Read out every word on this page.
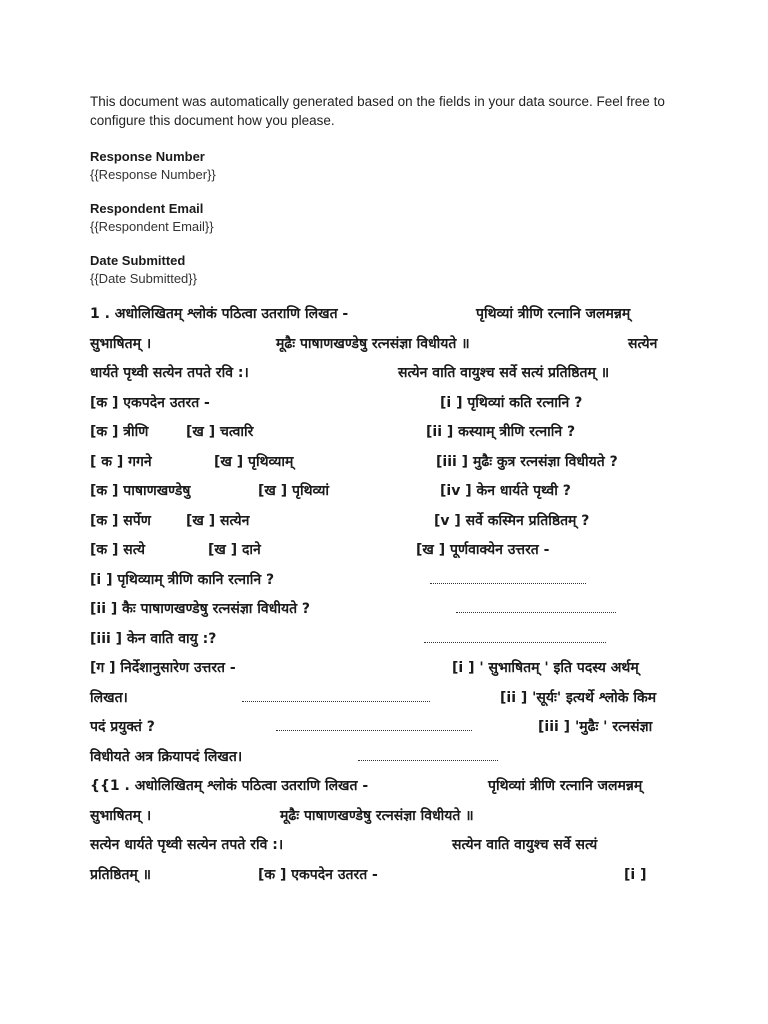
This document was automatically generated based on the fields in your data source. Feel free to configure this document how you please.

Response Number
{{Response Number}}
Respondent Email
{{Respondent Email}}
Date Submitted
{{Date Submitted}}
1 . अधोलिखितम् श्लोकं पठित्वा उतराणि लिखत -	पृथिव्यां त्रीणि रत्नानि जलमन्नम्
सुभाषितम् ।	मूढैः पाषाणखण्डेषु रत्नसंज्ञा विधीयते ॥	सत्येन
धार्यते पृथ्वी सत्येन तपते रवि :।	सत्येन वाति वायुश्च सर्वे सत्यं प्रतिष्ठितम् ॥
[क ] एकपदेन उतरत -	[i ] पृथिव्यां कति रत्नानि ?
[क ] त्रीणि	[ख ] चत्वारि	[ii ] कस्याम् त्रीणि रत्नानि ?
[ क ] गगने	[ख ] पृथिव्याम्	[iii ] मुढैः कुत्र रत्नसंज्ञा विधीयते ?
[क ] पाषाणखण्डेषु	[ख ] पृथिव्यां	[iv ] केन धार्यते पृथ्वी ?
[क ] सर्पेण	[ख ] सत्येन	[v ] सर्वे कस्मिन प्रतिष्ठितम् ?
[क ] सत्ये	[ख ] दाने	[ख ] पूर्णवाक्येन उत्तरत -
[i ] पृथिव्याम् त्रीणि कानि रत्नानि ?
[ii ] कैः पाषाणखण्डेषु रत्नसंज्ञा विधीयते ?
[iii ] केन वाति वायु :?
[ग ] निर्देशानुसारेण उत्तरत -	[i ] ' सुभाषितम् ' इति पदस्य अर्थम्
लिखत।	[ii ] 'सूर्यः' इत्यर्थे श्लोके किम
पदं प्रयुक्तं ?	[iii ] 'मुढैः ' रत्नसंज्ञा
विधीयते अत्र क्रियापदं लिखत।
{{1 . अधोलिखितम् श्लोकं पठित्वा उतराणि लिखत -	पृथिव्यां त्रीणि रत्नानि जलमन्नम्
सुभाषितम् ।	मूढैः पाषाणखण्डेषु रत्नसंज्ञा विधीयते ॥
सत्येन धार्यते पृथ्वी सत्येन तपते रवि :।	सत्येन वाति वायुश्च सर्वे सत्यं
प्रतिष्ठितम् ॥	[क ] एकपदेन उतरत -	[i ]
